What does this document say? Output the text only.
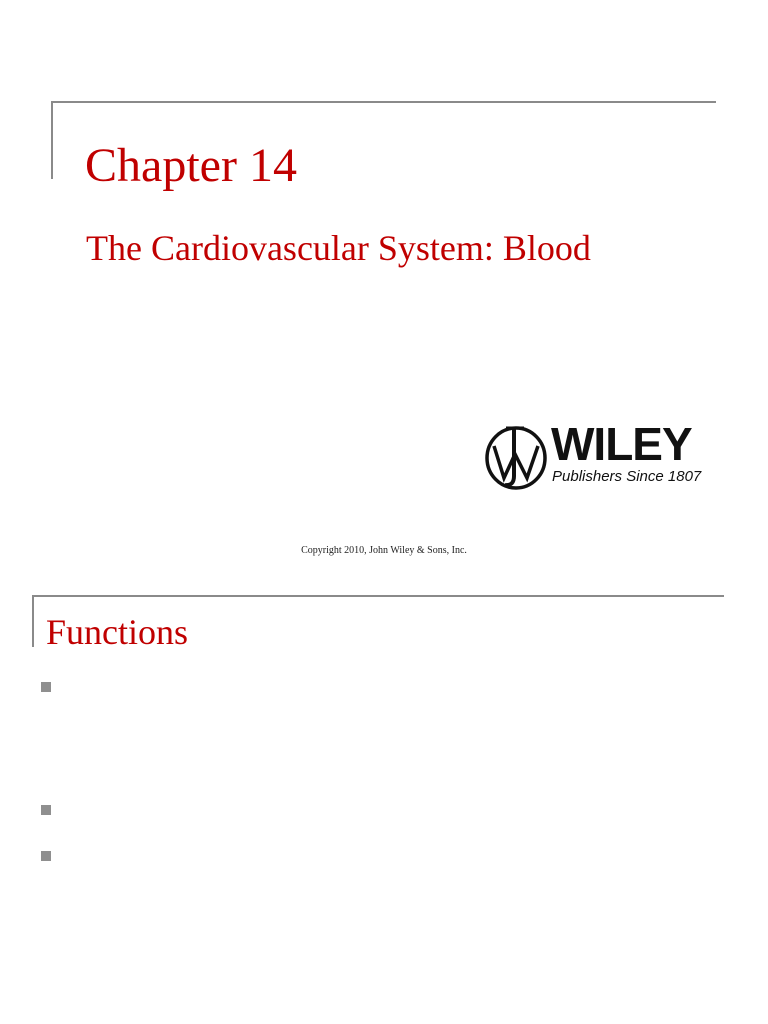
Chapter 14
The Cardiovascular System: Blood
WILEY
Publishers Since 1807
Copyright 2010, John Wiley & Sons, Inc.
Functions
